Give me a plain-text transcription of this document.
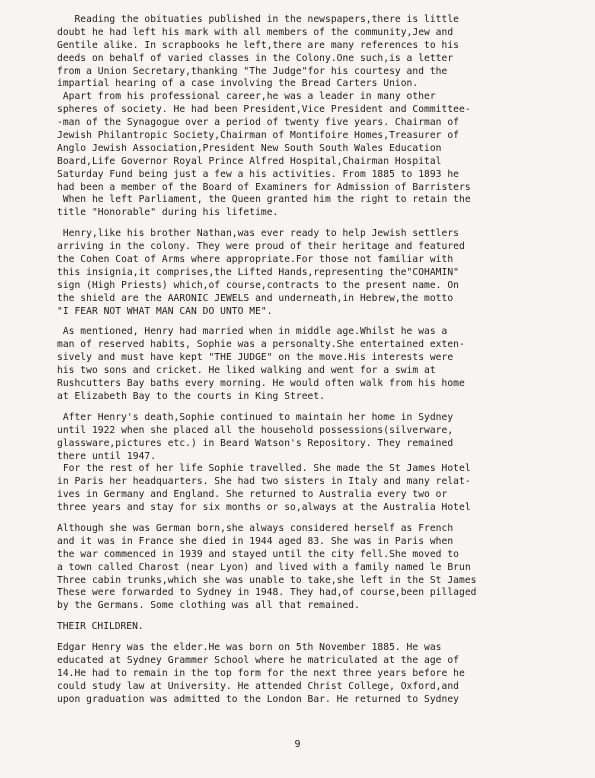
Reading the obituaties published in the newspapers,there is little
doubt he had left his mark with all members of the community,Jew and
Gentile alike. In scrapbooks he left,there are many references to his
deeds on behalf of varied classes in the Colony.One such,is a letter
from a Union Secretary,thanking "The Judge"for his courtesy and the
impartial hearing of a case involving the Bread Carters Union.
Apart from his professional career,he was a leader in many other
spheres of society. He had been President,Vice President and Committee-
-man of the Synagogue over a period of twenty five years. Chairman of
Jewish Philantropic Society,Chairman of Montifoire Homes,Treasurer of
Anglo Jewish Association,President New South South Wales Education
Board,Life Governor Royal Prince Alfred Hospital,Chairman Hospital
Saturday Fund being just a few a his activities. From 1885 to 1893 he
had been a member of the Board of Examiners for Admission of Barristers
When he left Parliament, the Queen granted him the right to retain the
title "Honorable" during his lifetime.
Henry,like his brother Nathan,was ever ready to help Jewish settlers
arriving in the colony. They were proud of their heritage and featured
the Cohen Coat of Arms where appropriate.For those not familiar with
this insignia,it comprises,the Lifted Hands,representing the"COHAMIN"
sign (High Priests) which,of course,contracts to the present name. On
the shield are the AARONIC JEWELS and underneath,in Hebrew,the motto
"I FEAR NOT WHAT MAN CAN DO UNTO ME".
As mentioned, Henry had married when in middle age.Whilst he was a
man of reserved habits, Sophie was a personalty.She entertained exten-
sively and must have kept "THE JUDGE" on the move.His interests were
his two sons and cricket. He liked walking and went for a swim at
Rushcutters Bay baths every morning. He would often walk from his home
at Elizabeth Bay to the courts in King Street.
After Henry's death,Sophie continued to maintain her home in Sydney
until 1922 when she placed all the household possessions(silverware,
glassware,pictures etc.) in Beard Watson's Repository. They remained
there until 1947.
For the rest of her life Sophie travelled. She made the St James Hotel
in Paris her headquarters. She had two sisters in Italy and many relat-
ives in Germany and England. She returned to Australia every two or
three years and stay for six months or so,always at the Australia Hotel
Although she was German born,she always considered herself as French
and it was in France she died in 1944 aged 83. She was in Paris when
the war commenced in 1939 and stayed until the city fell.She moved to
a town called Charost (near Lyon) and lived with a family named le Brun
Three cabin trunks,which she was unable to take,she left in the St James
These were forwarded to Sydney in 1948. They had,of course,been pillaged
by the Germans. Some clothing was all that remained.
THEIR CHILDREN.
Edgar Henry was the elder.He was born on 5th November 1885. He was
educated at Sydney Grammer School where he matriculated at the age of
14.He had to remain in the top form for the next three years before he
could study law at University. He attended Christ College, Oxford,and
upon graduation was admitted to the London Bar. He returned to Sydney
9
